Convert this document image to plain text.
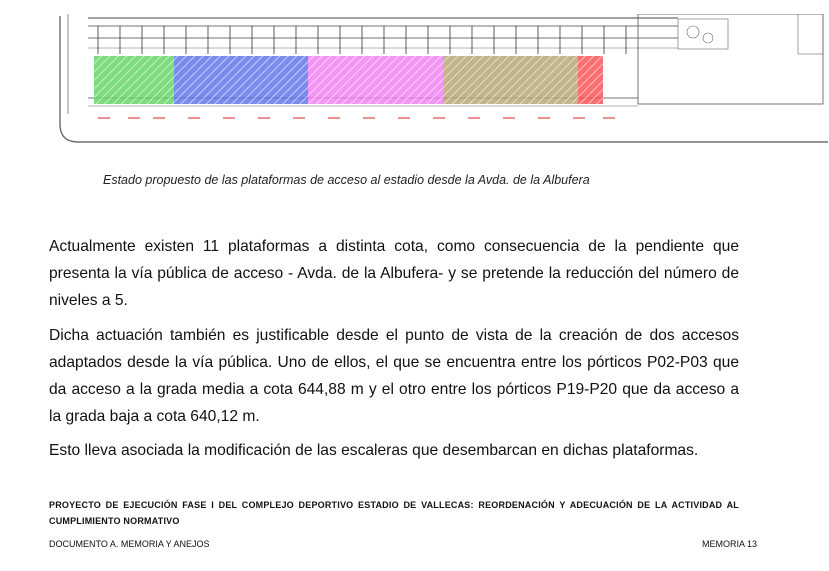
Estado propuesto de las plataformas de acceso al estadio desde la Avda. de la Albufera
Actualmente existen 11 plataformas a distinta cota, como consecuencia de la pendiente que presenta la vía pública de acceso - Avda. de la Albufera- y se pretende la reducción del número de niveles a 5.
Dicha actuación también es justificable desde el punto de vista de la creación de dos accesos adaptados desde la vía pública. Uno de ellos, el que se encuentra entre los pórticos P02-P03 que da acceso a la grada media a cota 644,88 m y el otro entre los pórticos P19-P20 que da acceso a la grada baja a cota 640,12 m.
Esto lleva asociada la modificación de las escaleras que desembarcan en dichas plataformas.
PROYECTO DE EJECUCIÓN FASE I DEL COMPLEJO DEPORTIVO ESTADIO DE VALLECAS: REORDENACIÓN Y ADECUACIÓN DE LA ACTIVIDAD AL CUMPLIMIENTO NORMATIVO
DOCUMENTO A. MEMORIA Y ANEJOS	MEMORIA 13
